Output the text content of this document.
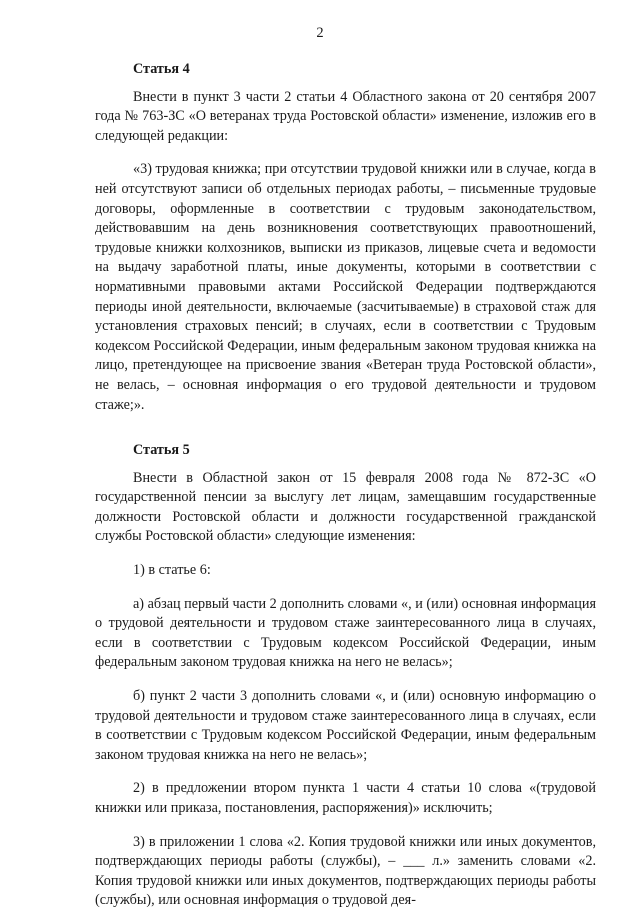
2

Статья 4

Внести в пункт 3 части 2 статьи 4 Областного закона от 20 сентября 2007 года № 763-ЗС «О ветеранах труда Ростовской области» изменение, изложив его в следующей редакции:

«3) трудовая книжка; при отсутствии трудовой книжки или в случае, когда в ней отсутствуют записи об отдельных периодах работы, – письменные трудовые договоры, оформленные в соответствии с трудовым законодательством, действовавшим на день возникновения соответствующих правоотношений, трудовые книжки колхозников, выписки из приказов, лицевые счета и ведомости на выдачу заработной платы, иные документы, которыми в соответствии с нормативными правовыми актами Российской Федерации подтверждаются периоды иной деятельности, включаемые (засчитываемые) в страховой стаж для установления страховых пенсий; в случаях, если в соответствии с Трудовым кодексом Российской Федерации, иным федеральным законом трудовая книжка на лицо, претендующее на присвоение звания «Ветеран труда Ростовской области», не велась, – основная информация о его трудовой деятельности и трудовом стаже;».

Статья 5

Внести в Областной закон от 15 февраля 2008 года № 872-ЗС «О государственной пенсии за выслугу лет лицам, замещавшим государственные должности Ростовской области и должности государственной гражданской службы Ростовской области» следующие изменения:

1) в статье 6:

а) абзац первый части 2 дополнить словами «, и (или) основная информация о трудовой деятельности и трудовом стаже заинтересованного лица в случаях, если в соответствии с Трудовым кодексом Российской Федерации, иным федеральным законом трудовая книжка на него не велась»;

б) пункт 2 части 3 дополнить словами «, и (или) основную информацию о трудовой деятельности и трудовом стаже заинтересованного лица в случаях, если в соответствии с Трудовым кодексом Российской Федерации, иным федеральным законом трудовая книжка на него не велась»;

2) в предложении втором пункта 1 части 4 статьи 10 слова «(трудовой книжки или приказа, постановления, распоряжения)» исключить;

3) в приложении 1 слова «2. Копия трудовой книжки или иных документов, подтверждающих периоды работы (службы), – ___ л.» заменить словами «2. Копия трудовой книжки или иных документов, подтверждающих периоды работы (службы), или основная информация о трудовой дея-
